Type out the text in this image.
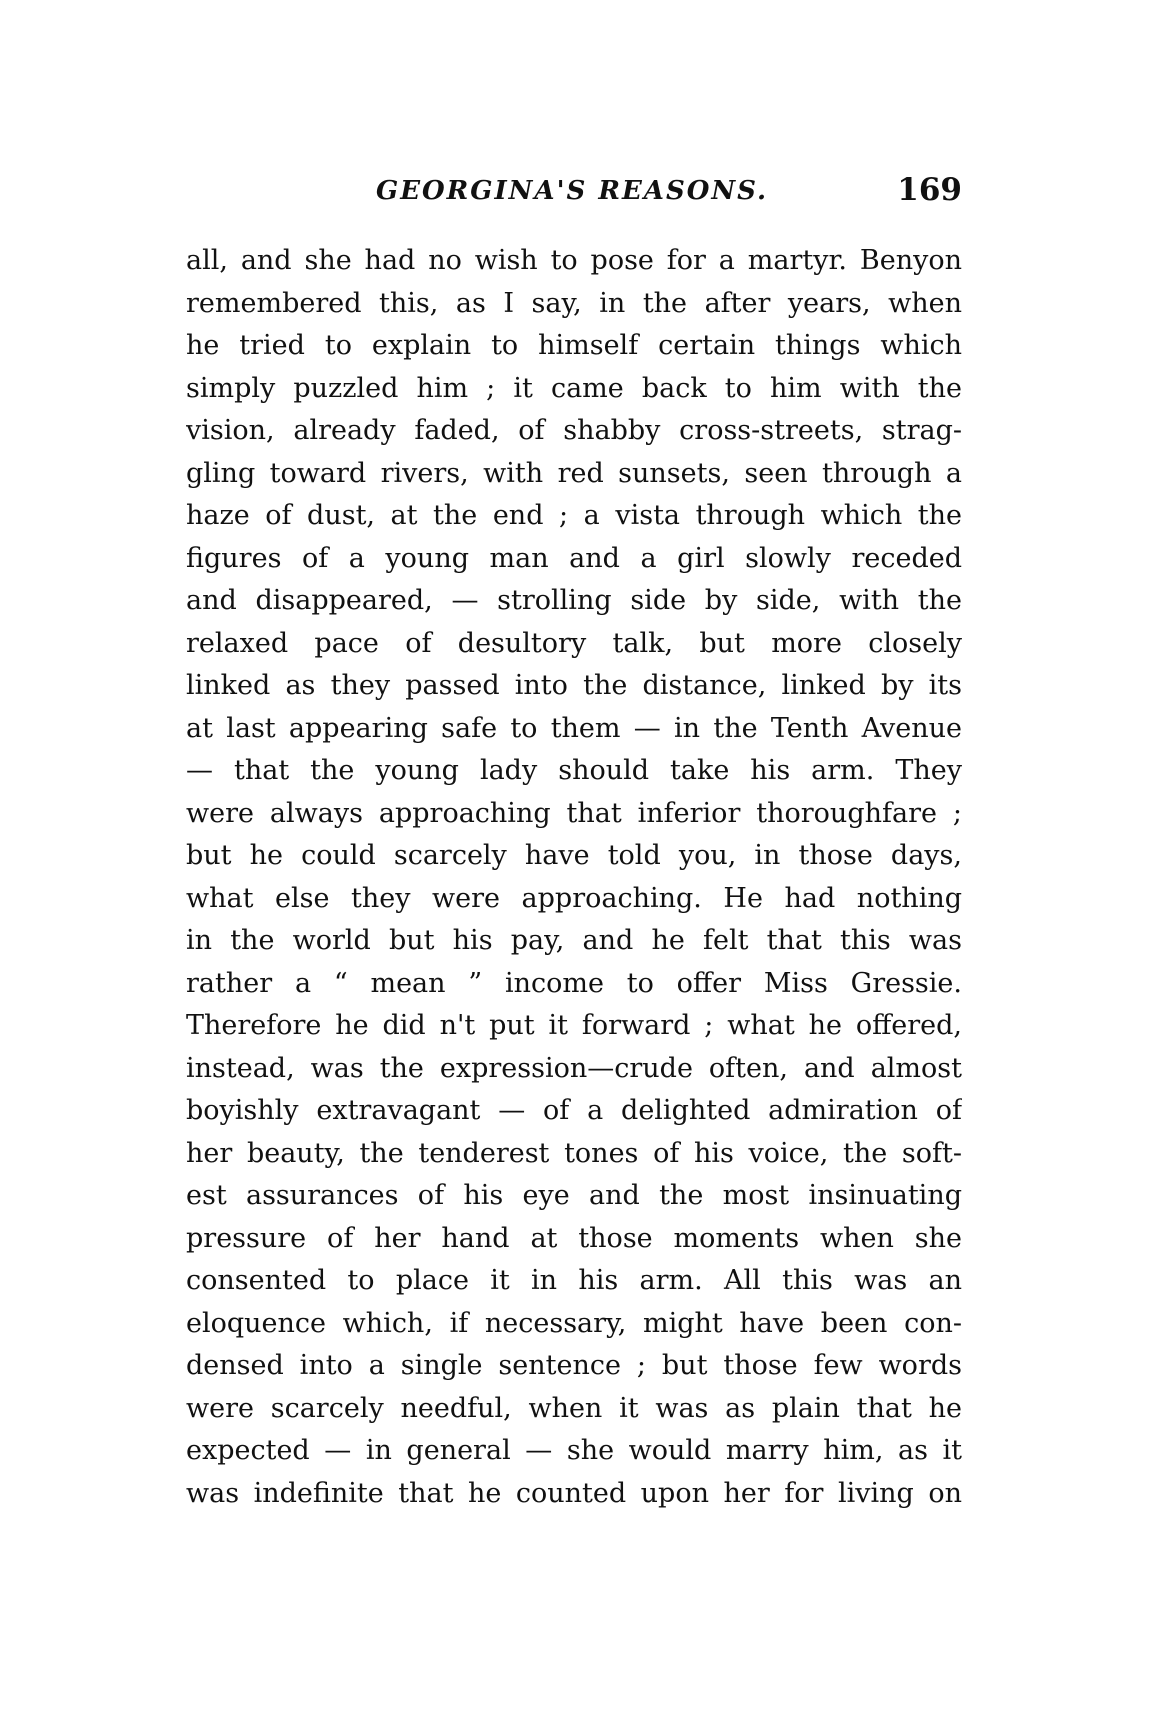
GEORGINA'S REASONS.	169
all, and she had no wish to pose for a martyr. Benyon
remembered this, as I say, in the after years, when
he tried to explain to himself certain things which
simply puzzled him ; it came back to him with the
vision, already faded, of shabby cross-streets, strag-
gling toward rivers, with red sunsets, seen through a
haze of dust, at the end ; a vista through which the
figures of a young man and a girl slowly receded
and disappeared, — strolling side by side, with the
relaxed pace of desultory talk, but more closely
linked as they passed into the distance, linked by its
at last appearing safe to them — in the Tenth Avenue
— that the young lady should take his arm. They
were always approaching that inferior thoroughfare ;
but he could scarcely have told you, in those days,
what else they were approaching. He had nothing
in the world but his pay, and he felt that this was
rather a “ mean ” income to offer Miss Gressie.
Therefore he did n't put it forward ; what he offered,
instead, was the expression—crude often, and almost
boyishly extravagant — of a delighted admiration of
her beauty, the tenderest tones of his voice, the soft-
est assurances of his eye and the most insinuating
pressure of her hand at those moments when she
consented to place it in his arm. All this was an
eloquence which, if necessary, might have been con-
densed into a single sentence ; but those few words
were scarcely needful, when it was as plain that he
expected — in general — she would marry him, as it
was indefinite that he counted upon her for living on
